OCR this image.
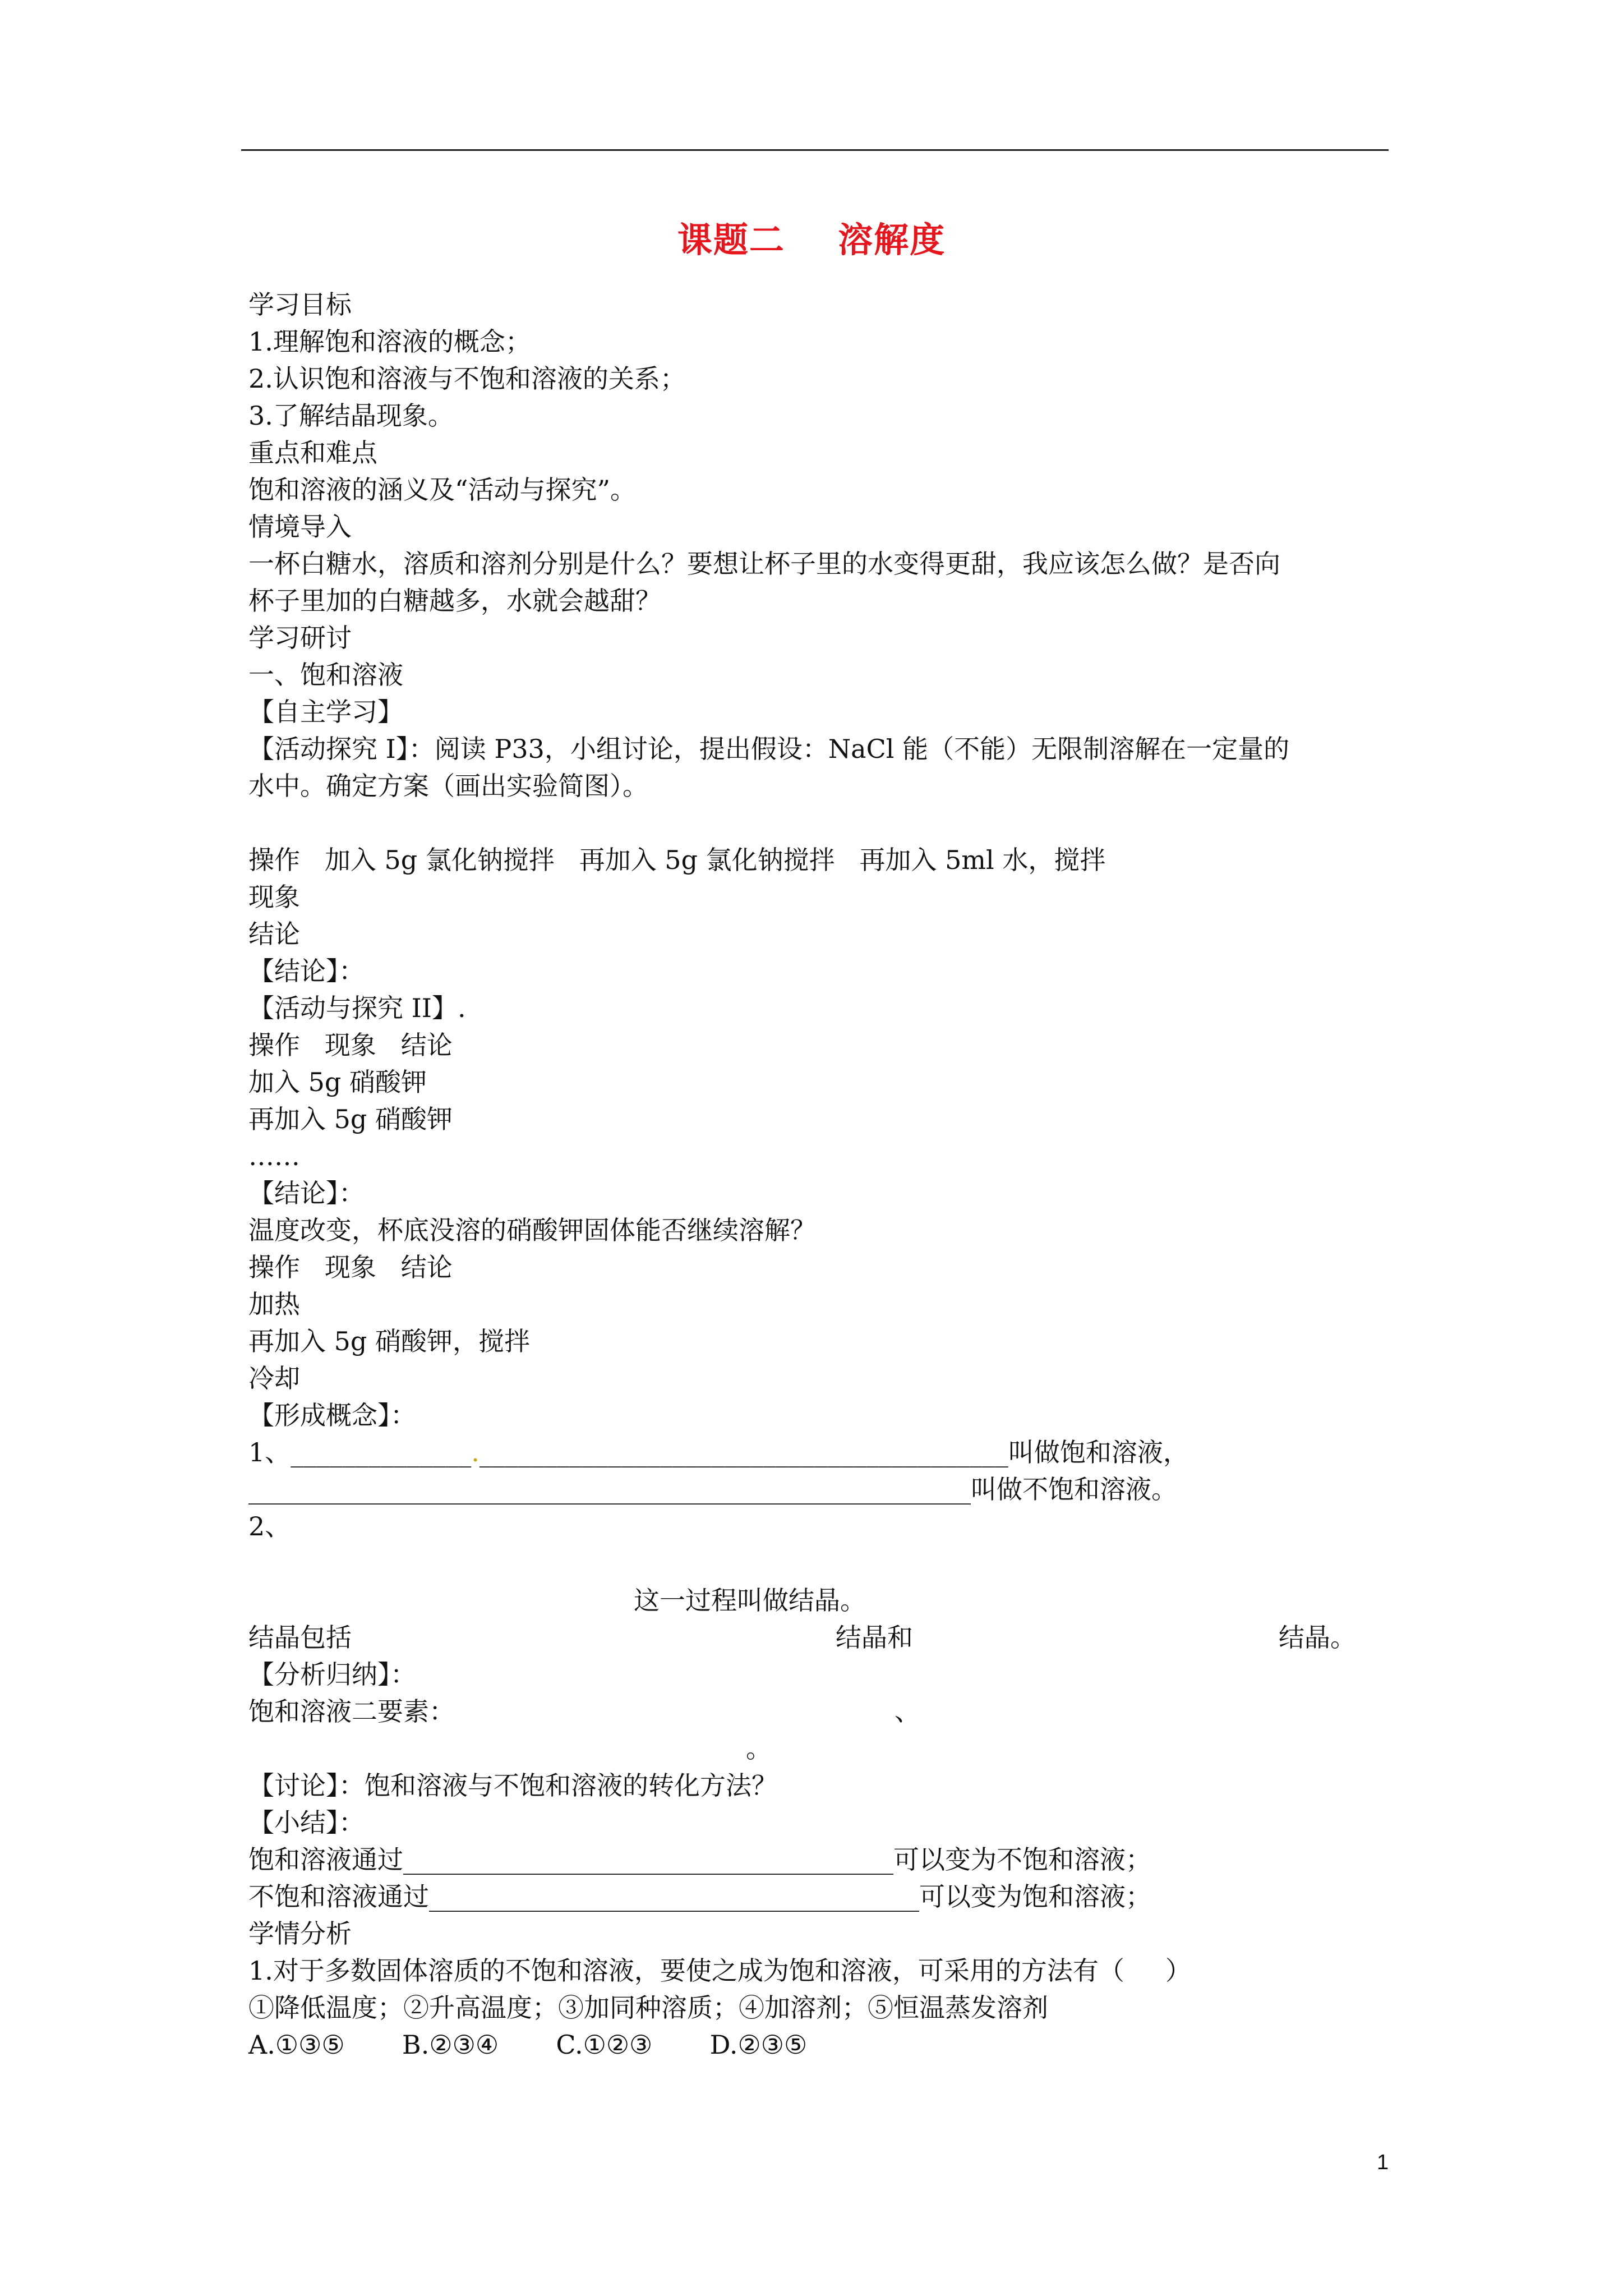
课题二    溶解度
学习目标
1.理解饱和溶液的概念；
2.认识饱和溶液与不饱和溶液的关系；
3.了解结晶现象。
重点和难点
饱和溶液的涵义及“活动与探究”。
情境导入
一杯白糖水，溶质和溶剂分别是什么？要想让杯子里的水变得更甜，我应该怎么做？是否向
杯子里加的白糖越多，水就会越甜？
学习研讨
一、饱和溶液
【自主学习】
【活动探究 I】：阅读 P33，小组讨论，提出假设：NaCl 能（不能）无限制溶解在一定量的
水中。确定方案（画出实验简图）。
操作   加入 5g 氯化钠搅拌   再加入 5g 氯化钠搅拌   再加入 5ml 水，搅拌
现象
结论
【结论】：
【活动与探究 II】.
操作   现象   结论
加入 5g 硝酸钾
再加入 5g 硝酸钾
……
【结论】：
温度改变，杯底没溶的硝酸钾固体能否继续溶解？
操作   现象   结论
加热
再加入 5g 硝酸钾，搅拌
冷却
【形成概念】：
1、______________._________________________________________叫做饱和溶液，
________________________________________________________叫做不饱和溶液。
2、
这一过程叫做结晶。
结晶包括	结晶和	结晶。
【分析归纳】：
饱和溶液二要素：	、
。
【讨论】：饱和溶液与不饱和溶液的转化方法？
【小结】：
饱和溶液通过______________________________________可以变为不饱和溶液；
不饱和溶液通过______________________________________可以变为饱和溶液；
学情分析
1.对于多数固体溶质的不饱和溶液，要使之成为饱和溶液，可采用的方法有（     ）
①降低温度；②升高温度；③加同种溶质；④加溶剂；⑤恒温蒸发溶剂
A.①③⑤       B.②③④       C.①②③       D.②③⑤
1
